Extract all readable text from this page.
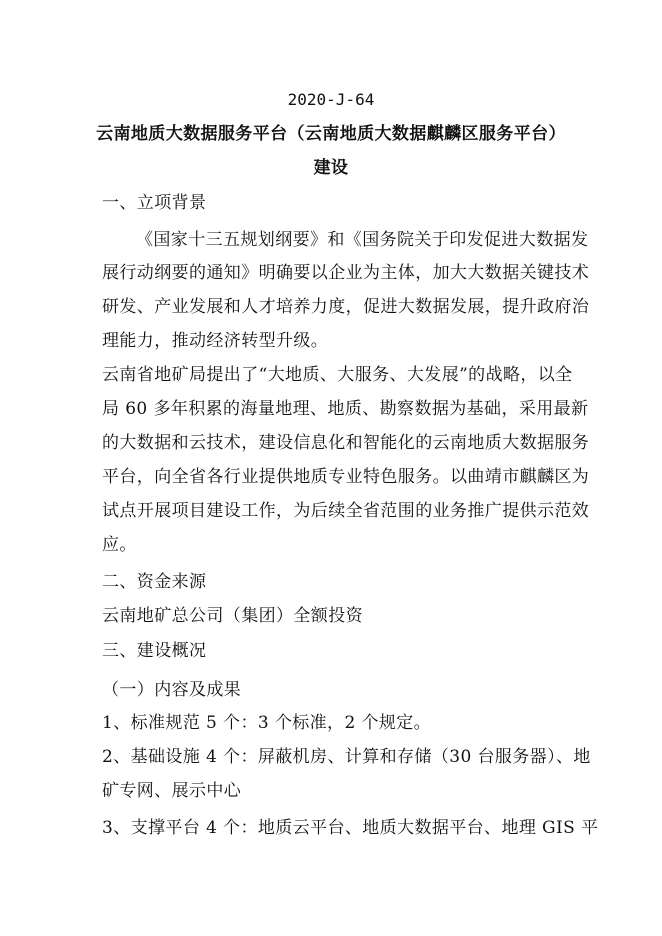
2020-J-64
云南地质大数据服务平台（云南地质大数据麒麟区服务平台）
建设
一、立项背景
《国家十三五规划纲要》和《国务院关于印发促进大数据发
展行动纲要的通知》明确要以企业为主体，加大大数据关键技术
研发、产业发展和人才培养力度，促进大数据发展，提升政府治
理能力，推动经济转型升级。
云南省地矿局提出了“大地质、大服务、大发展”的战略，以全
局 60 多年积累的海量地理、地质、勘察数据为基础，采用最新
的大数据和云技术，建设信息化和智能化的云南地质大数据服务
平台，向全省各行业提供地质专业特色服务。以曲靖市麒麟区为
试点开展项目建设工作，为后续全省范围的业务推广提供示范效
应。
二、资金来源
云南地矿总公司（集团）全额投资
三、建设概况
（一）内容及成果
1、标准规范 5 个：3 个标准，2 个规定。
2、基础设施 4 个：屏蔽机房、计算和存储（30 台服务器）、地
矿专网、展示中心
3、支撑平台 4 个：地质云平台、地质大数据平台、地理 GIS 平
